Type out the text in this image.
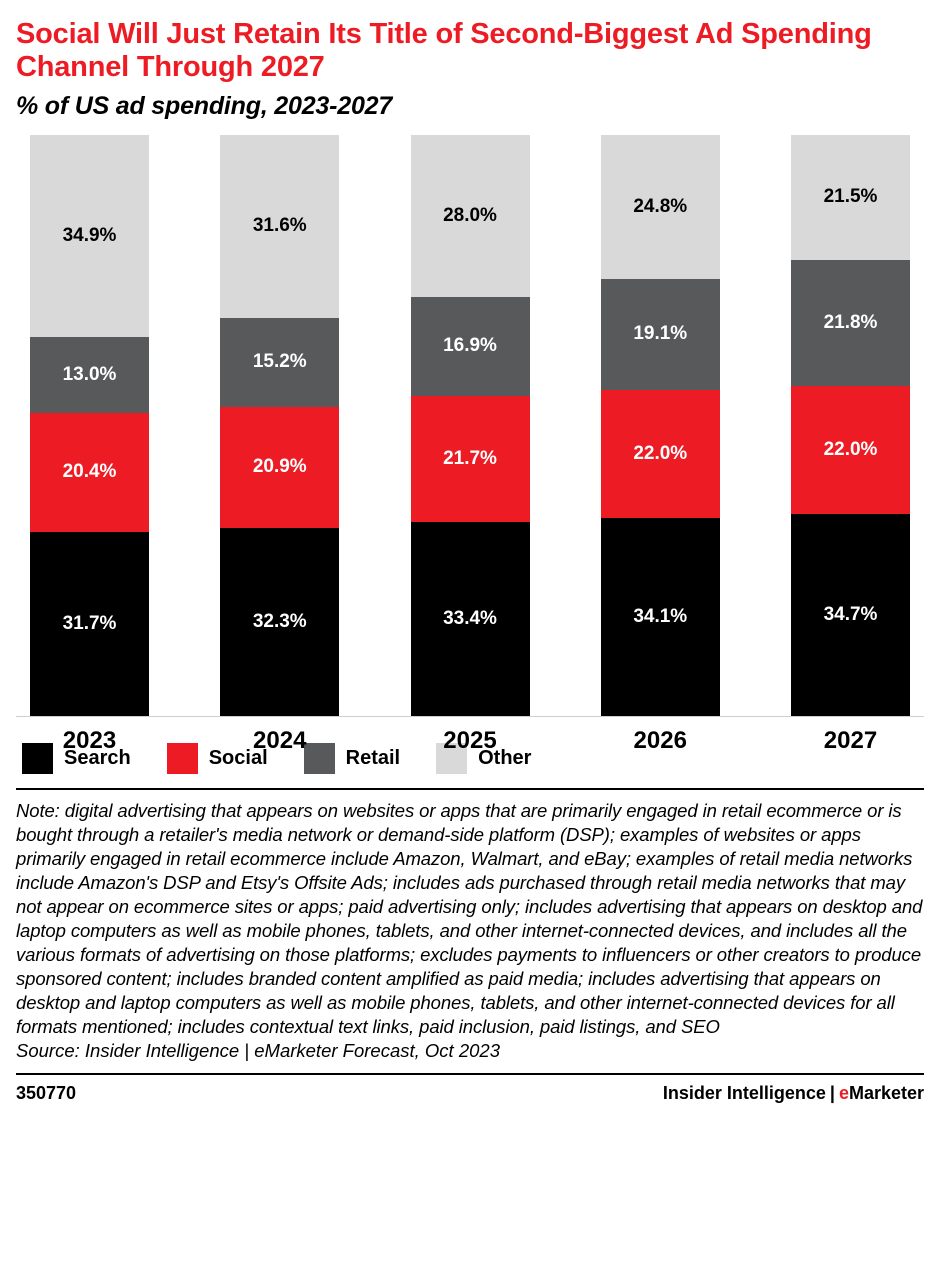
Social Will Just Retain Its Title of Second-Biggest Ad Spending Channel Through 2027
% of US ad spending, 2023-2027
34.9%
13.0%
20.4%
31.7%
31.6%
15.2%
20.9%
32.3%
28.0%
16.9%
21.7%
33.4%
24.8%
19.1%
22.0%
34.1%
21.5%
21.8%
22.0%
34.7%
2023	2024	2025	2026	2027
Search	Social	Retail	Other
Note: digital advertising that appears on websites or apps that are primarily engaged in retail ecommerce or is bought through a retailer's media network or demand-side platform (DSP); examples of websites or apps primarily engaged in retail ecommerce include Amazon, Walmart, and eBay; examples of retail media networks include Amazon's DSP and Etsy's Offsite Ads; includes ads purchased through retail media networks that may not appear on ecommerce sites or apps; paid advertising only; includes advertising that appears on desktop and laptop computers as well as mobile phones, tablets, and other internet-connected devices, and includes all the various formats of advertising on those platforms; excludes payments to influencers or other creators to produce sponsored content; includes branded content amplified as paid media; includes advertising that appears on desktop and laptop computers as well as mobile phones, tablets, and other internet-connected devices for all formats mentioned; includes contextual text links, paid inclusion, paid listings, and SEO
Source: Insider Intelligence | eMarketer Forecast, Oct 2023
350770	Insider Intelligence | eMarketer
